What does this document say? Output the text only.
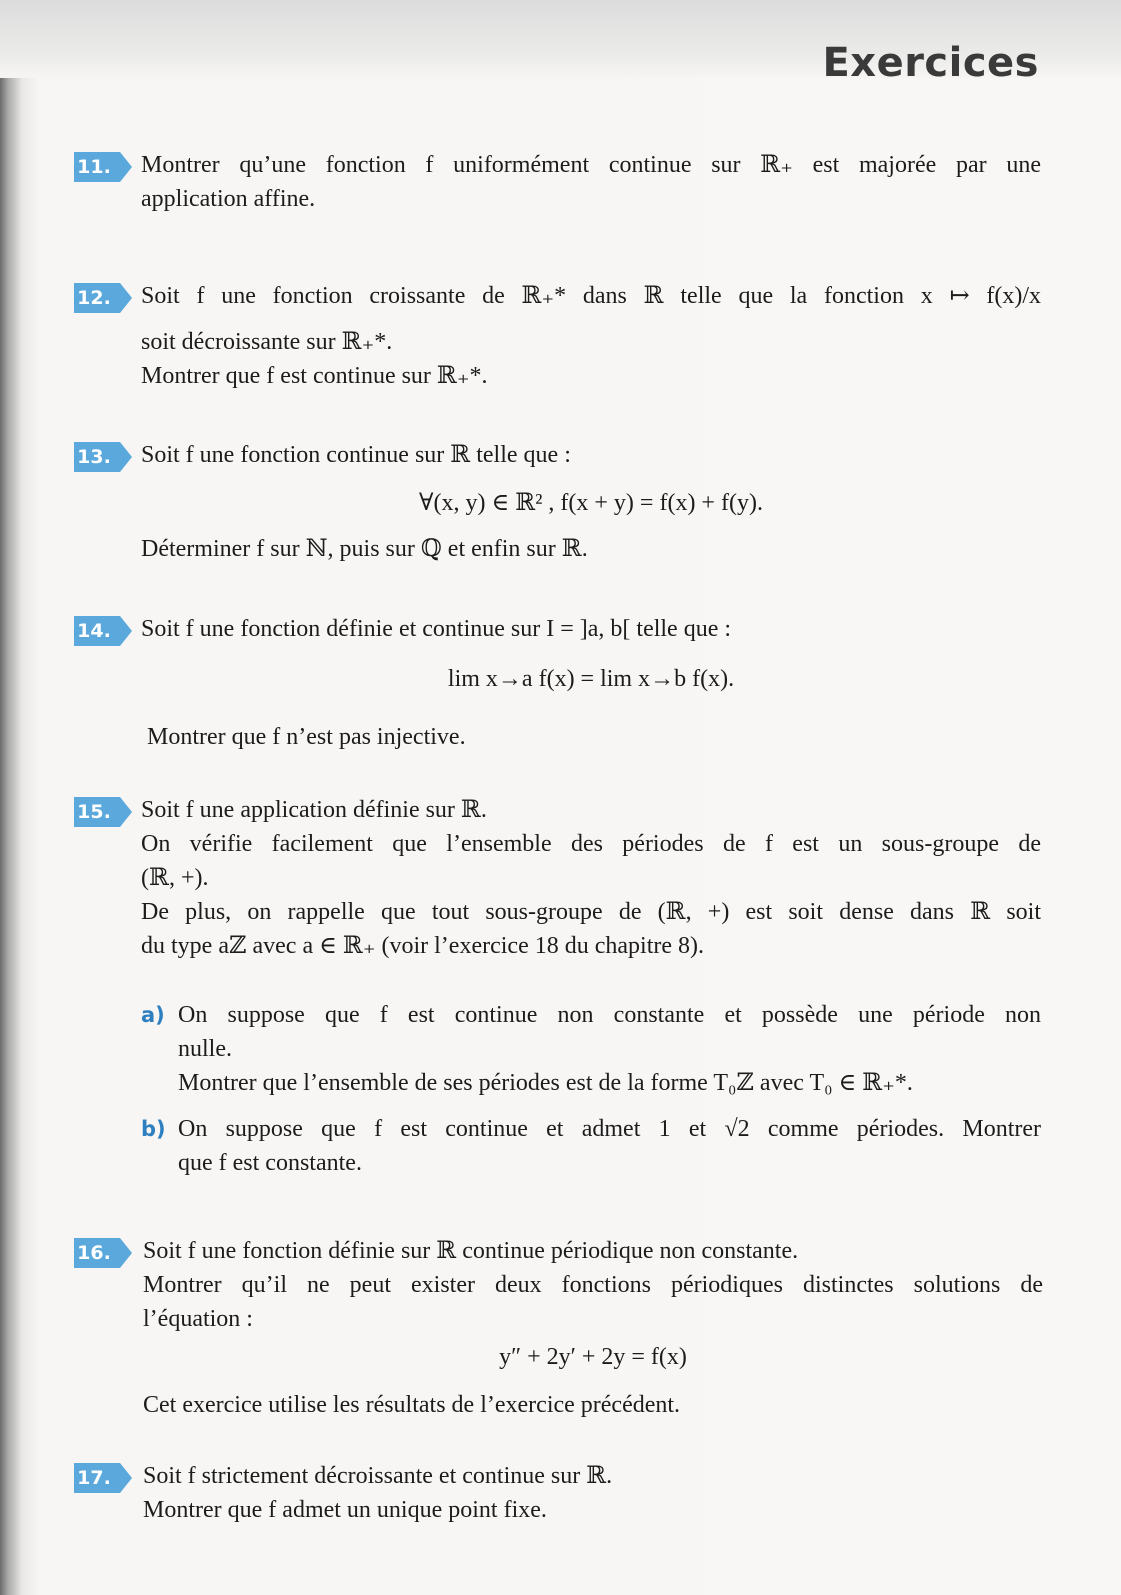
Exercices
11.	Montrer qu’une fonction f uniformément continue sur ℝ₊ est majorée par une
application affine.
12.	Soit f une fonction croissante de ℝ₊* dans ℝ telle que la fonction x ↦ f(x)/x
soit décroissante sur ℝ₊*.
Montrer que f est continue sur ℝ₊*.
13.	Soit f une fonction continue sur ℝ telle que :
∀(x, y) ∈ ℝ² , f(x + y) = f(x) + f(y).
Déterminer f sur ℕ, puis sur ℚ et enfin sur ℝ.
14.	Soit f une fonction définie et continue sur I = ]a, b[ telle que :
lim x→a f(x) = lim x→b f(x).
Montrer que f n’est pas injective.
15.	Soit f une application définie sur ℝ.
On vérifie facilement que l’ensemble des périodes de f est un sous-groupe de
(ℝ, +).
De plus, on rappelle que tout sous-groupe de (ℝ, +) est soit dense dans ℝ soit
du type aℤ avec a ∈ ℝ₊ (voir l’exercice 18 du chapitre 8).
a) On suppose que f est continue non constante et possède une période non
nulle.
Montrer que l’ensemble de ses périodes est de la forme T₀ℤ avec T₀ ∈ ℝ₊*.
b) On suppose que f est continue et admet 1 et √2 comme périodes. Montrer
que f est constante.
16.	Soit f une fonction définie sur ℝ continue périodique non constante.
Montrer qu’il ne peut exister deux fonctions périodiques distinctes solutions de
l’équation :
y″ + 2y′ + 2y = f(x)
Cet exercice utilise les résultats de l’exercice précédent.
17.	Soit f strictement décroissante et continue sur ℝ.
Montrer que f admet un unique point fixe.
